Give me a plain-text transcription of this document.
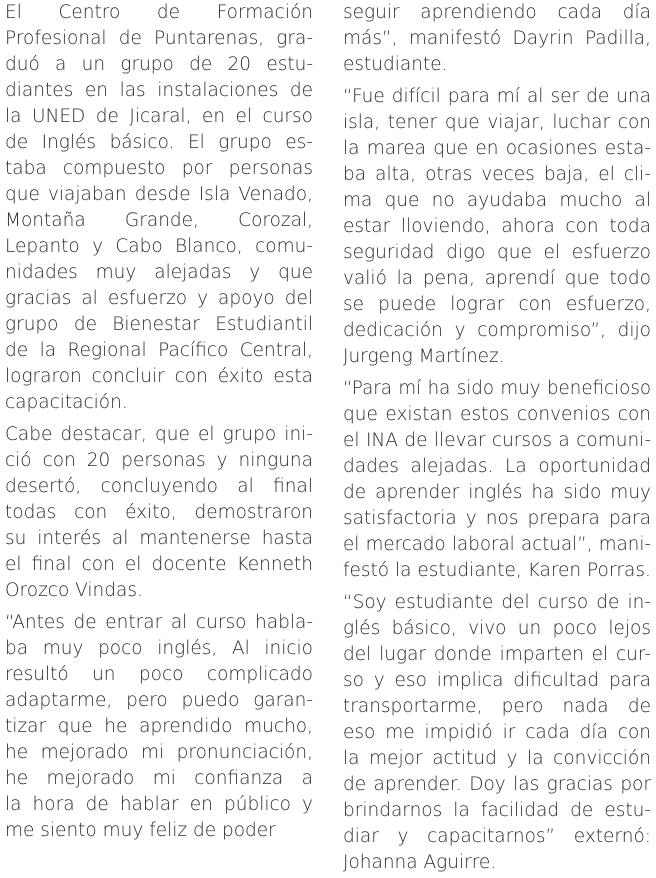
El Centro de Formación
Profesional de Puntarenas, gra-
duó a un grupo de 20 estu-
diantes en las instalaciones de
la UNED de Jicaral, en el curso
de Inglés básico. El grupo es-
taba compuesto por personas
que viajaban desde Isla Venado,
Montaña Grande, Corozal,
Lepanto y Cabo Blanco, comu-
nidades muy alejadas y que
gracias al esfuerzo y apoyo del
grupo de Bienestar Estudiantil
de la Regional Pacífico Central,
lograron concluir con éxito esta
capacitación.
Cabe destacar, que el grupo ini-
ció con 20 personas y ninguna
desertó, concluyendo al final
todas con éxito, demostraron
su interés al mantenerse hasta
el final con el docente Kenneth
Orozco Vindas.
“Antes de entrar al curso habla-
ba muy poco inglés, Al inicio
resultó un poco complicado
adaptarme, pero puedo garan-
tizar que he aprendido mucho,
he mejorado mi pronunciación,
he mejorado mi confianza a
la hora de hablar en público y
me siento muy feliz de poder
seguir aprendiendo cada día
más”, manifestó Dayrin Padilla,
estudiante.
“Fue difícil para mí al ser de una
isla, tener que viajar, luchar con
la marea que en ocasiones esta-
ba alta, otras veces baja, el cli-
ma que no ayudaba mucho al
estar lloviendo, ahora con toda
seguridad digo que el esfuerzo
valió la pena, aprendí que todo
se puede lograr con esfuerzo,
dedicación y compromiso”, dijo
Jurgeng Martínez.
“Para mí ha sido muy beneficioso
que existan estos convenios con
el INA de llevar cursos a comuni-
dades alejadas. La oportunidad
de aprender inglés ha sido muy
satisfactoria y nos prepara para
el mercado laboral actual”, mani-
festó la estudiante, Karen Porras.
“Soy estudiante del curso de in-
glés básico, vivo un poco lejos
del lugar donde imparten el cur-
so y eso implica dificultad para
transportarme, pero nada de
eso me impidió ir cada día con
la mejor actitud y la convicción
de aprender. Doy las gracias por
brindarnos la facilidad de estu-
diar y capacitarnos” externó:
Johanna Aguirre.
